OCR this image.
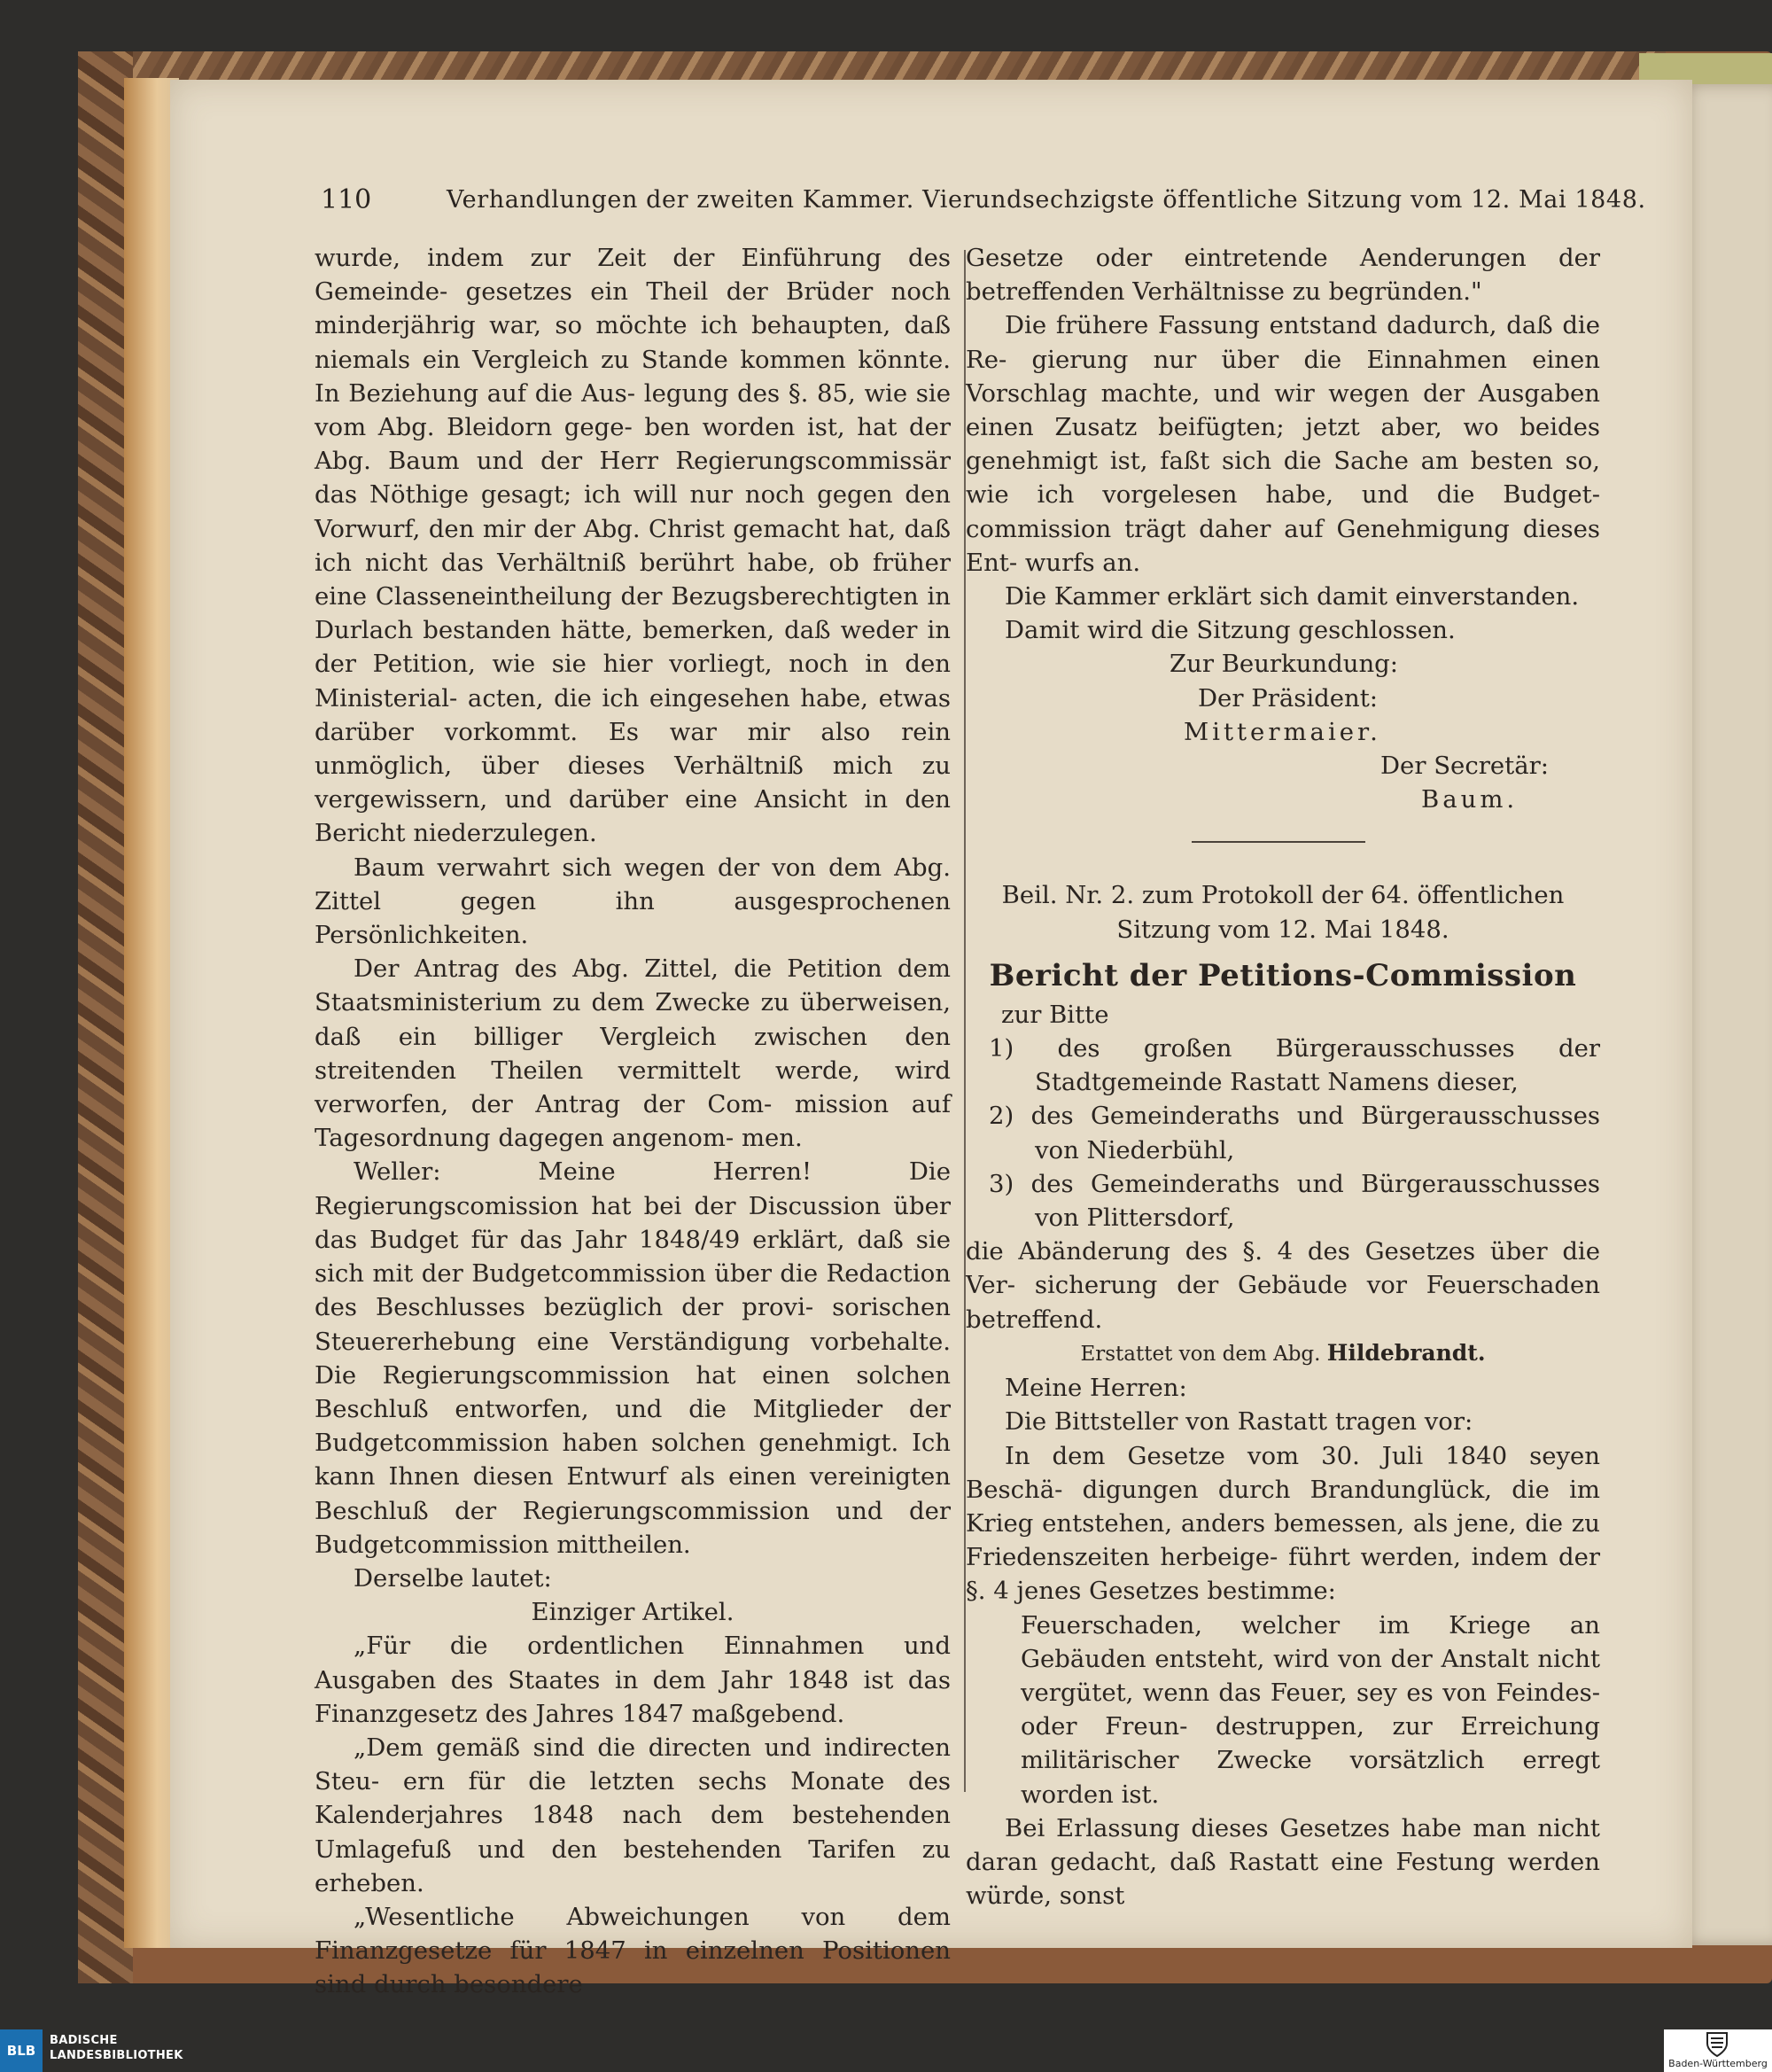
110	Verhandlungen der zweiten Kammer. Vierundsechzigste öffentliche Sitzung vom 12. Mai 1848.

wurde, indem zur Zeit der Einführung des Gemeinde- gesetzes ein Theil der Brüder noch minderjährig war, so möchte ich behaupten, daß niemals ein Vergleich zu Stande kommen könnte. In Beziehung auf die Aus- legung des §. 85, wie sie vom Abg. Bleidorn gege- ben worden ist, hat der Abg. Baum und der Herr Regierungscommissär das Nöthige gesagt; ich will nur noch gegen den Vorwurf, den mir der Abg. Christ gemacht hat, daß ich nicht das Verhältniß berührt habe, ob früher eine Classeneintheilung der Bezugsberechtigten in Durlach bestanden hätte, bemerken, daß weder in der Petition, wie sie hier vorliegt, noch in den Ministerial- acten, die ich eingesehen habe, etwas darüber vorkommt. Es war mir also rein unmöglich, über dieses Verhältniß mich zu vergewissern, und darüber eine Ansicht in den Bericht niederzulegen.

Baum verwahrt sich wegen der von dem Abg. Zittel gegen ihn ausgesprochenen Persönlichkeiten.

Der Antrag des Abg. Zittel, die Petition dem Staatsministerium zu dem Zwecke zu überweisen, daß ein billiger Vergleich zwischen den streitenden Theilen vermittelt werde, wird verworfen, der Antrag der Com- mission auf Tagesordnung dagegen angenom- men.

Weller: Meine Herren! Die Regierungscomission hat bei der Discussion über das Budget für das Jahr 1848/49 erklärt, daß sie sich mit der Budgetcommission über die Redaction des Beschlusses bezüglich der provi- sorischen Steuererhebung eine Verständigung vorbehalte. Die Regierungscommission hat einen solchen Beschluß entworfen, und die Mitglieder der Budgetcommission haben solchen genehmigt. Ich kann Ihnen diesen Entwurf als einen vereinigten Beschluß der Regierungscommission und der Budgetcommission mittheilen.

Derselbe lautet:

Einziger Artikel.

„Für die ordentlichen Einnahmen und Ausgaben des Staates in dem Jahr 1848 ist das Finanzgesetz des Jahres 1847 maßgebend.

„Dem gemäß sind die directen und indirecten Steu- ern für die letzten sechs Monate des Kalenderjahres 1848 nach dem bestehenden Umlagefuß und den bestehenden Tarifen zu erheben.

„Wesentliche Abweichungen von dem Finanzgesetze für 1847 in einzelnen Positionen sind durch besondere

Gesetze oder eintretende Aenderungen der betreffenden Verhältnisse zu begründen."

Die frühere Fassung entstand dadurch, daß die Re- gierung nur über die Einnahmen einen Vorschlag machte, und wir wegen der Ausgaben einen Zusatz beifügten; jetzt aber, wo beides genehmigt ist, faßt sich die Sache am besten so, wie ich vorgelesen habe, und die Budget- commission trägt daher auf Genehmigung dieses Ent- wurfs an.

Die Kammer erklärt sich damit einverstanden.

Damit wird die Sitzung geschlossen.

Zur Beurkundung:

Der Präsident:

Mittermaier.

Der Secretär:

Baum.

Beil. Nr. 2. zum Protokoll der 64. öffentlichen Sitzung vom 12. Mai 1848.

Bericht der Petitions-Commission

zur Bitte

1) des großen Bürgerausschusses der Stadtgemeinde Rastatt Namens dieser,

2) des Gemeinderaths und Bürgerausschusses von Niederbühl,

3) des Gemeinderaths und Bürgerausschusses von Plittersdorf,

die Abänderung des §. 4 des Gesetzes über die Ver- sicherung der Gebäude vor Feuerschaden betreffend.

Erstattet von dem Abg. Hildebrandt.

Meine Herren:

Die Bittsteller von Rastatt tragen vor:

In dem Gesetze vom 30. Juli 1840 seyen Beschä- digungen durch Brandunglück, die im Krieg entstehen, anders bemessen, als jene, die zu Friedenszeiten herbeige- führt werden, indem der §. 4 jenes Gesetzes bestimme:

Feuerschaden, welcher im Kriege an Gebäuden entsteht, wird von der Anstalt nicht vergütet, wenn das Feuer, sey es von Feindes- oder Freun- destruppen, zur Erreichung militärischer Zwecke vorsätzlich erregt worden ist.

Bei Erlassung dieses Gesetzes habe man nicht daran gedacht, daß Rastatt eine Festung werden würde, sonst

BLB
BADISCHE
LANDESBIBLIOTHEK
Baden-Württemberg
